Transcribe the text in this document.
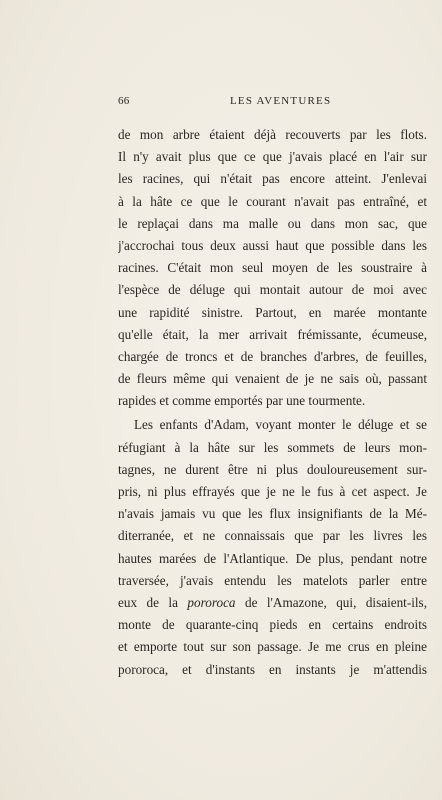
66	LES AVENTURES
de mon arbre étaient déjà recouverts par les flots.
Il n'y avait plus que ce que j'avais placé en l'air sur
les racines, qui n'était pas encore atteint. J'enlevai
à la hâte ce que le courant n'avait pas entraîné, et
le replaçai dans ma malle ou dans mon sac, que
j'accrochai tous deux aussi haut que possible dans les
racines. C'était mon seul moyen de les soustraire à
l'espèce de déluge qui montait autour de moi avec
une rapidité sinistre. Partout, en marée montante
qu'elle était, la mer arrivait frémissante, écumeuse,
chargée de troncs et de branches d'arbres, de feuilles,
de fleurs même qui venaient de je ne sais où, passant
rapides et comme emportés par une tourmente.
Les enfants d'Adam, voyant monter le déluge et se
réfugiant à la hâte sur les sommets de leurs mon-
tagnes, ne durent être ni plus douloureusement sur-
pris, ni plus effrayés que je ne le fus à cet aspect. Je
n'avais jamais vu que les flux insignifiants de la Mé-
diterranée, et ne connaissais que par les livres les
hautes marées de l'Atlantique. De plus, pendant notre
traversée, j'avais entendu les matelots parler entre
eux de la pororoca de l'Amazone, qui, disaient-ils,
monte de quarante-cinq pieds en certains endroits
et emporte tout sur son passage. Je me crus en pleine
pororoca, et d'instants en instants je m'attendis
